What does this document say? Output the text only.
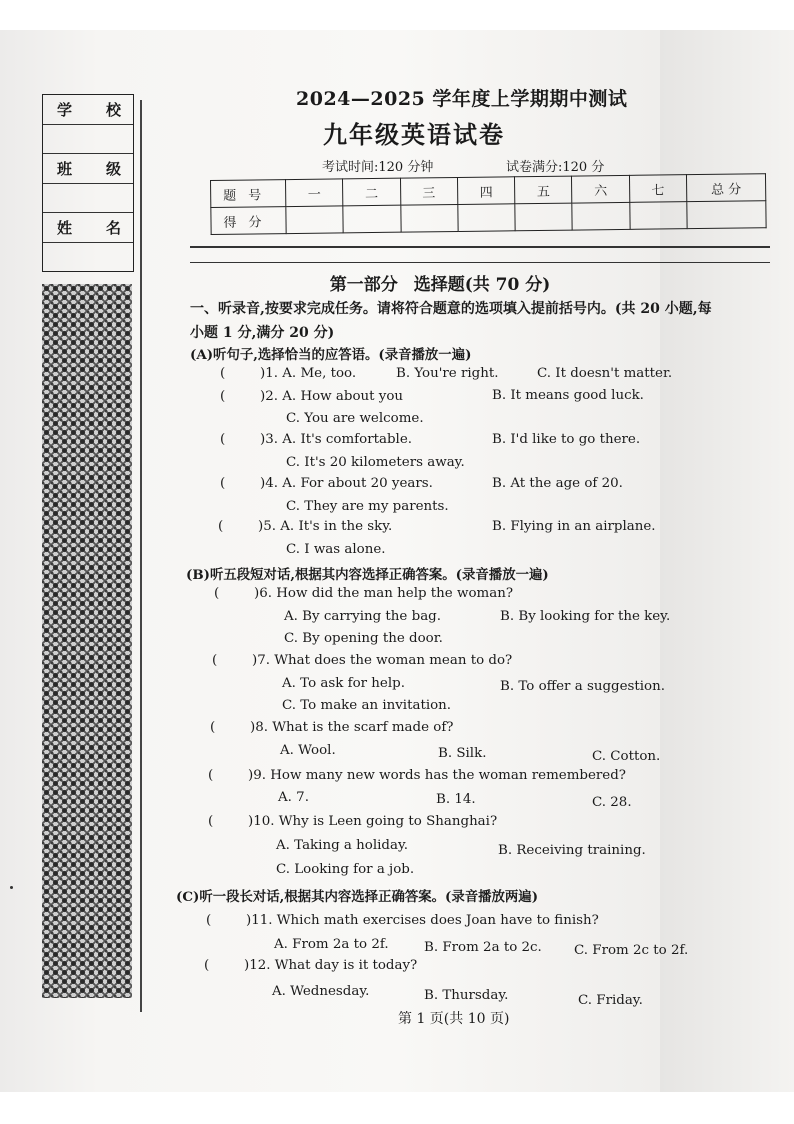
学 校
班 级
姓 名
2024—2025 学年度上学期期中测试
九年级英语试卷
考试时间:120 分钟	试卷满分:120 分
题号	一	二	三	四	五	六	七	总 分
得分								
第一部分 选择题(共 70 分)
一、听录音,按要求完成任务。请将符合题意的选项填入提前括号内。(共 20 小题,每
小题 1 分,满分 20 分)
(A)听句子,选择恰当的应答语。(录音播放一遍)
(	)1. A. Me, too.	B. You're right.	C. It doesn't matter.
(	)2. A. How about you	B. It means good luck.
C. You are welcome.
(	)3. A. It's comfortable.	B. I'd like to go there.
C. It's 20 kilometers away.
(	)4. A. For about 20 years.	B. At the age of 20.
C. They are my parents.
(	)5. A. It's in the sky.	B. Flying in an airplane.
C. I was alone.
(B)听五段短对话,根据其内容选择正确答案。(录音播放一遍)
(	)6. How did the man help the woman?
A. By carrying the bag.	B. By looking for the key.
C. By opening the door.
(	)7. What does the woman mean to do?
A. To ask for help.	B. To offer a suggestion.
C. To make an invitation.
(	)8. What is the scarf made of?
A. Wool.	B. Silk.	C. Cotton.
(	)9. How many new words has the woman remembered?
A. 7.	B. 14.	C. 28.
(	)10. Why is Leen going to Shanghai?
A. Taking a holiday.	B. Receiving training.
C. Looking for a job.
(C)听一段长对话,根据其内容选择正确答案。(录音播放两遍)
(	)11. Which math exercises does Joan have to finish?
A. From 2a to 2f.	B. From 2a to 2c. C. From 2c to 2f.
(	)12. What day is it today?
A. Wednesday.	B. Thursday.	C. Friday.
第 1 页(共 10 页)
